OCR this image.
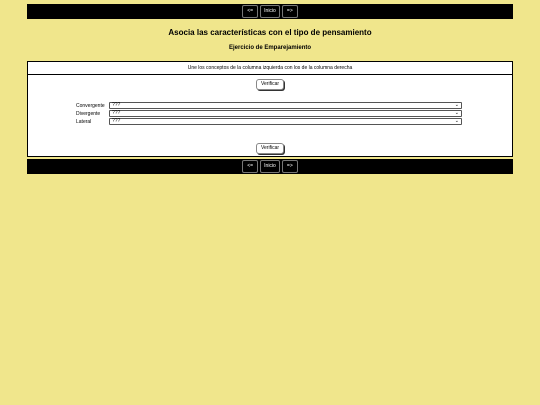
<=	Inicio	=>
Asocia las características con el tipo de pensamiento
Ejercicio de Emparejamiento
Une los conceptos de la columna izquierda con los de la columna derecha
Verificar
Convergente	???	⌄
Divergente	???	⌄
Lateral	???	⌄
Verificar
<=	Inicio	=>
